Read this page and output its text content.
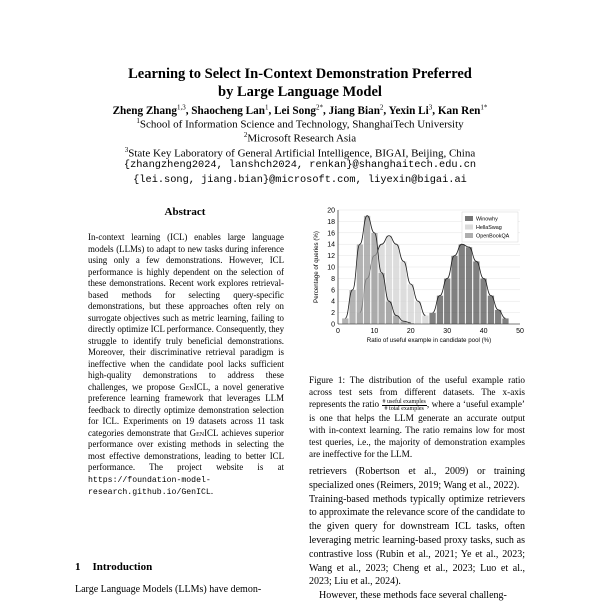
Learning to Select In-Context Demonstration Preferred
by Large Language Model
Zheng Zhang$^{1,3}$, Shaocheng Lan$^1$, Lei Song$^{2*}$, Jiang Bian$^2$, Yexin Li$^3$, Kan Ren$^{1*}$
$^1$School of Information Science and Technology, ShanghaiTech University
$^2$Microsoft Research Asia
$^3$State Key Laboratory of General Artificial Intelligence, BIGAI, Beijing, China
{zhangzheng2024, lanshch2024, renkan}@shanghaitech.edu.cn
{lei.song, jiang.bian}@microsoft.com, liyexin@bigai.ai
Abstract
In-context learning (ICL) enables large language models (LLMs) to adapt to new tasks during inference using only a few demonstrations. However, ICL performance is highly dependent on the selection of these demonstrations. Recent work explores retrieval-based methods for selecting query-specific demonstrations, but these approaches often rely on surrogate objectives such as metric learning, failing to directly optimize ICL performance. Consequently, they struggle to identify truly beneficial demonstrations. Moreover, their discriminative retrieval paradigm is ineffective when the candidate pool lacks sufficient high-quality demonstrations to address these challenges, we propose GenICL, a novel generative preference learning framework that leverages LLM feedback to directly optimize demonstration selection for ICL. Experiments on 19 datasets across 11 task categories demonstrate that GenICL achieves superior performance over existing methods in selecting the most effective demonstrations, leading to better ICL performance. The project website is at https://foundation-model-research.github.io/GenICL.
1 Introduction
Large Language Models (LLMs) have demon-
0
2
4
6
8
10
12
14
16
18
20
0	10	20	30	40	50
Ratio of useful example in candidate pool (%)
Percentage of queries (%)
Winowhy
HellaSwag
OpenBookQA
Figure 1: The distribution of the useful example ratio across test sets from different datasets. The x-axis represents the ratio $\frac{\text{\# useful examples}}{\text{\# total examples}}$ , where a ‘useful example’ is one that helps the LLM generate an accurate output with in-context learning. The ratio remains low for most test queries, i.e., the majority of demonstration examples are ineffective for the LLM.
retrievers (Robertson et al., 2009) or training specialized ones (Reimers, 2019; Wang et al., 2022).
Training-based methods typically optimize retrievers to approximate the relevance score of the candidate to the given query for downstream ICL tasks, often leveraging metric learning-based proxy tasks, such as contrastive loss (Rubin et al., 2021; Ye et al., 2023; Wang et al., 2023; Cheng et al., 2023; Luo et al., 2023; Liu et al., 2024).
However, these methods face several challeng-
